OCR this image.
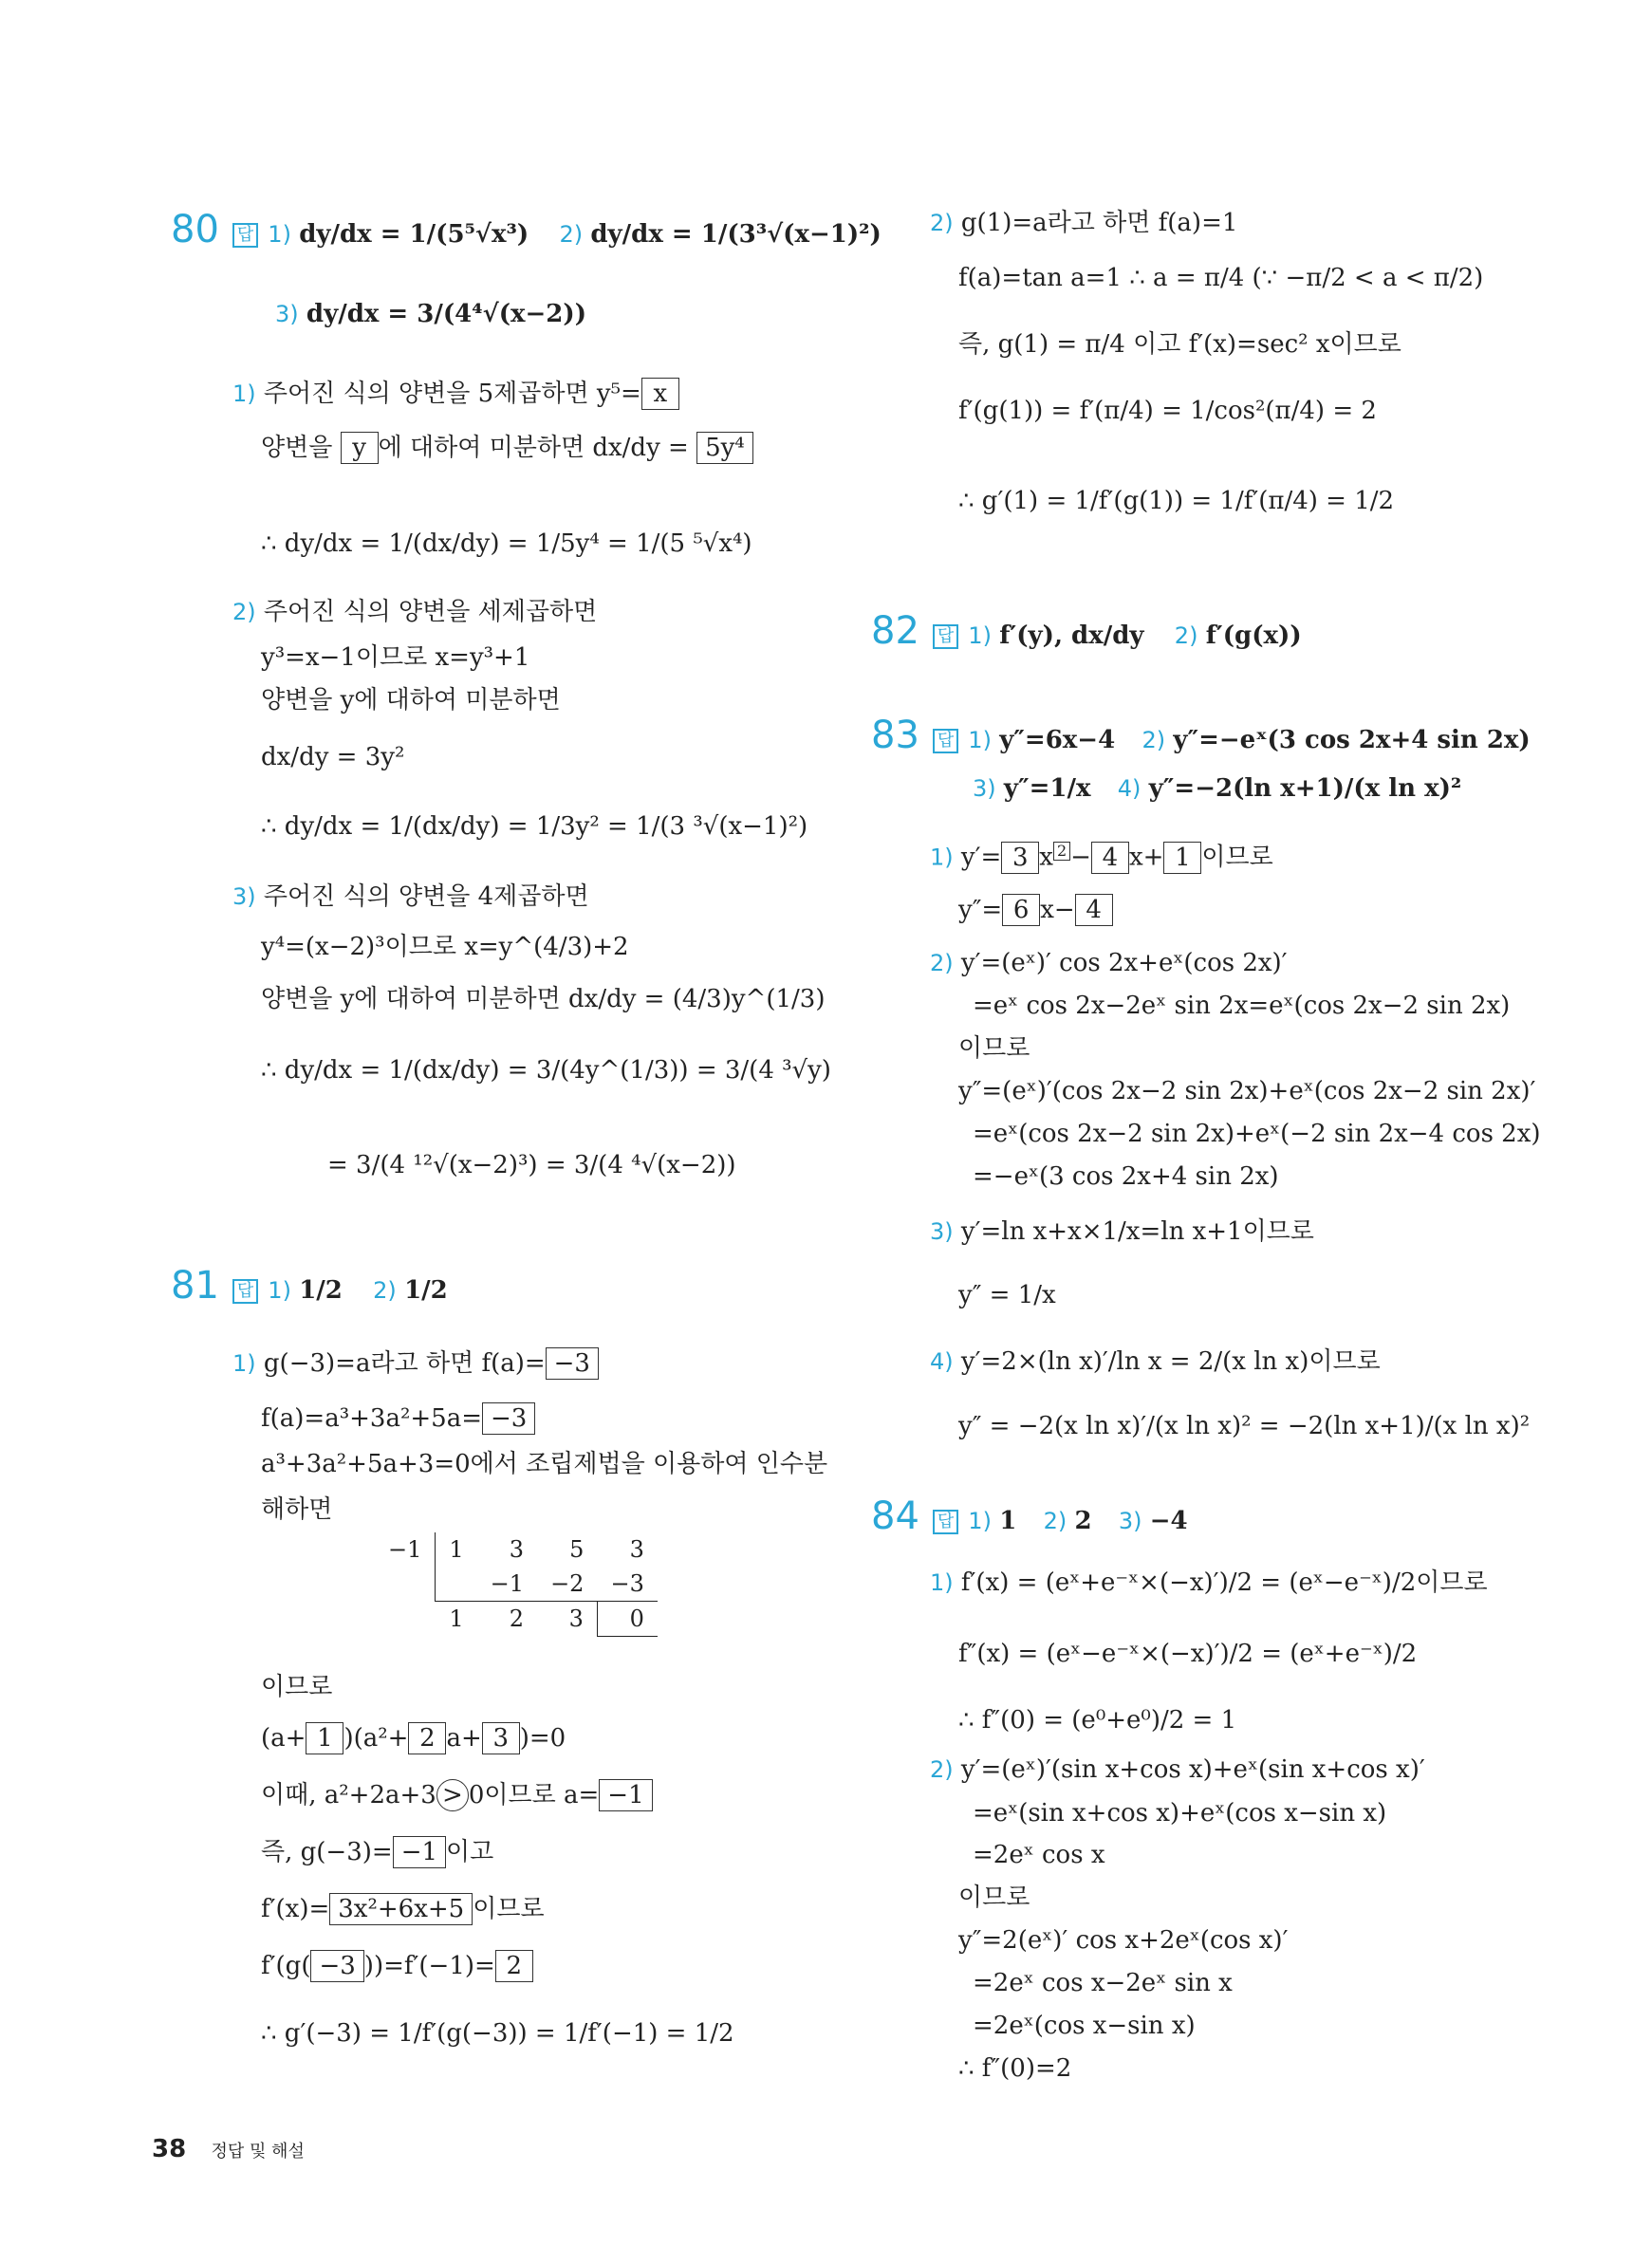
80 답 1) dy/dx = 1/(5⁵√x³) 2) dy/dx = 1/(3³√(x−1)²)
3) dy/dx = 3/(4⁴√(x−2))
1) 주어진 식의 양변을 5제곱하면 y⁵= x
양변을 y 에 대하여 미분하면 dx/dy = 5y⁴
∴ dy/dx = 1/(dx/dy) = 1/5y⁴ = 1/(5 ⁵√x⁴)
2) 주어진 식의 양변을 세제곱하면
y³=x−1이므로 x=y³+1
양변을 y에 대하여 미분하면
dx/dy = 3y²
∴ dy/dx = 1/(dx/dy) = 1/3y² = 1/(3 ³√(x−1)²)
3) 주어진 식의 양변을 4제곱하면
y⁴=(x−2)³이므로 x=y^(4/3)+2
양변을 y에 대하여 미분하면 dx/dy = (4/3)y^(1/3)
∴ dy/dx = 1/(dx/dy) = 3/(4y^(1/3)) = 3/(4 ³√y)
= 3/(4 ¹²√(x−2)³) = 3/(4 ⁴√(x−2))
81 답 1) 1/2 2) 1/2
1) g(−3)=a라고 하면 f(a)= −3
f(a)=a³+3a²+5a= −3
a³+3a²+5a+3=0에서 조립제법을 이용하여 인수분
해하면
−1	1	3	5	3
		−1	−2	−3
	1	2	3	0
이므로
(a+ 1 )(a²+ 2 a+ 3 )=0
이때, a²+2a+3 > 0이므로 a= −1
즉, g(−3)= −1 이고
f′(x)= 3x²+6x+5 이므로
f′(g( −3 ))=f′(−1)= 2
∴ g′(−3) = 1/f′(g(−3)) = 1/f′(−1) = 1/2
2) g(1)=a라고 하면 f(a)=1
f(a)=tan a=1 ∴ a = π/4 (∵ −π/2 < a < π/2)
즉, g(1) = π/4 이고 f′(x)=sec² x이므로
f′(g(1)) = f′(π/4) = 1/cos²(π/4) = 2
∴ g′(1) = 1/f′(g(1)) = 1/f′(π/4) = 1/2
82 답 1) f′(y), dx/dy 2) f′(g(x))
83 답 1) y″=6x−4 2) y″=−eˣ(3 cos 2x+4 sin 2x)
3) y″=1/x 4) y″=−2(ln x+1)/(x ln x)²
1) y′= 3 x $^2$ − 4 x+ 1 이므로
y″= 6 x− 4
2) y′=(eˣ)′ cos 2x+eˣ(cos 2x)′
=eˣ cos 2x−2eˣ sin 2x=eˣ(cos 2x−2 sin 2x)
이므로
y″=(eˣ)′(cos 2x−2 sin 2x)+eˣ(cos 2x−2 sin 2x)′
=eˣ(cos 2x−2 sin 2x)+eˣ(−2 sin 2x−4 cos 2x)
=−eˣ(3 cos 2x+4 sin 2x)
3) y′=ln x+x×1/x=ln x+1이므로
y″ = 1/x
4) y′=2×(ln x)′/ln x = 2/(x ln x)이므로
y″ = −2(x ln x)′/(x ln x)² = −2(ln x+1)/(x ln x)²
84 답 1) 1 2) 2 3) −4
1) f′(x) = (eˣ+e⁻ˣ×(−x)′)/2 = (eˣ−e⁻ˣ)/2이므로
f″(x) = (eˣ−e⁻ˣ×(−x)′)/2 = (eˣ+e⁻ˣ)/2
∴ f″(0) = (e⁰+e⁰)/2 = 1
2) y′=(eˣ)′(sin x+cos x)+eˣ(sin x+cos x)′
=eˣ(sin x+cos x)+eˣ(cos x−sin x)
=2eˣ cos x
이므로
y″=2(eˣ)′ cos x+2eˣ(cos x)′
=2eˣ cos x−2eˣ sin x
=2eˣ(cos x−sin x)
∴ f″(0)=2
38 정답 및 해설
